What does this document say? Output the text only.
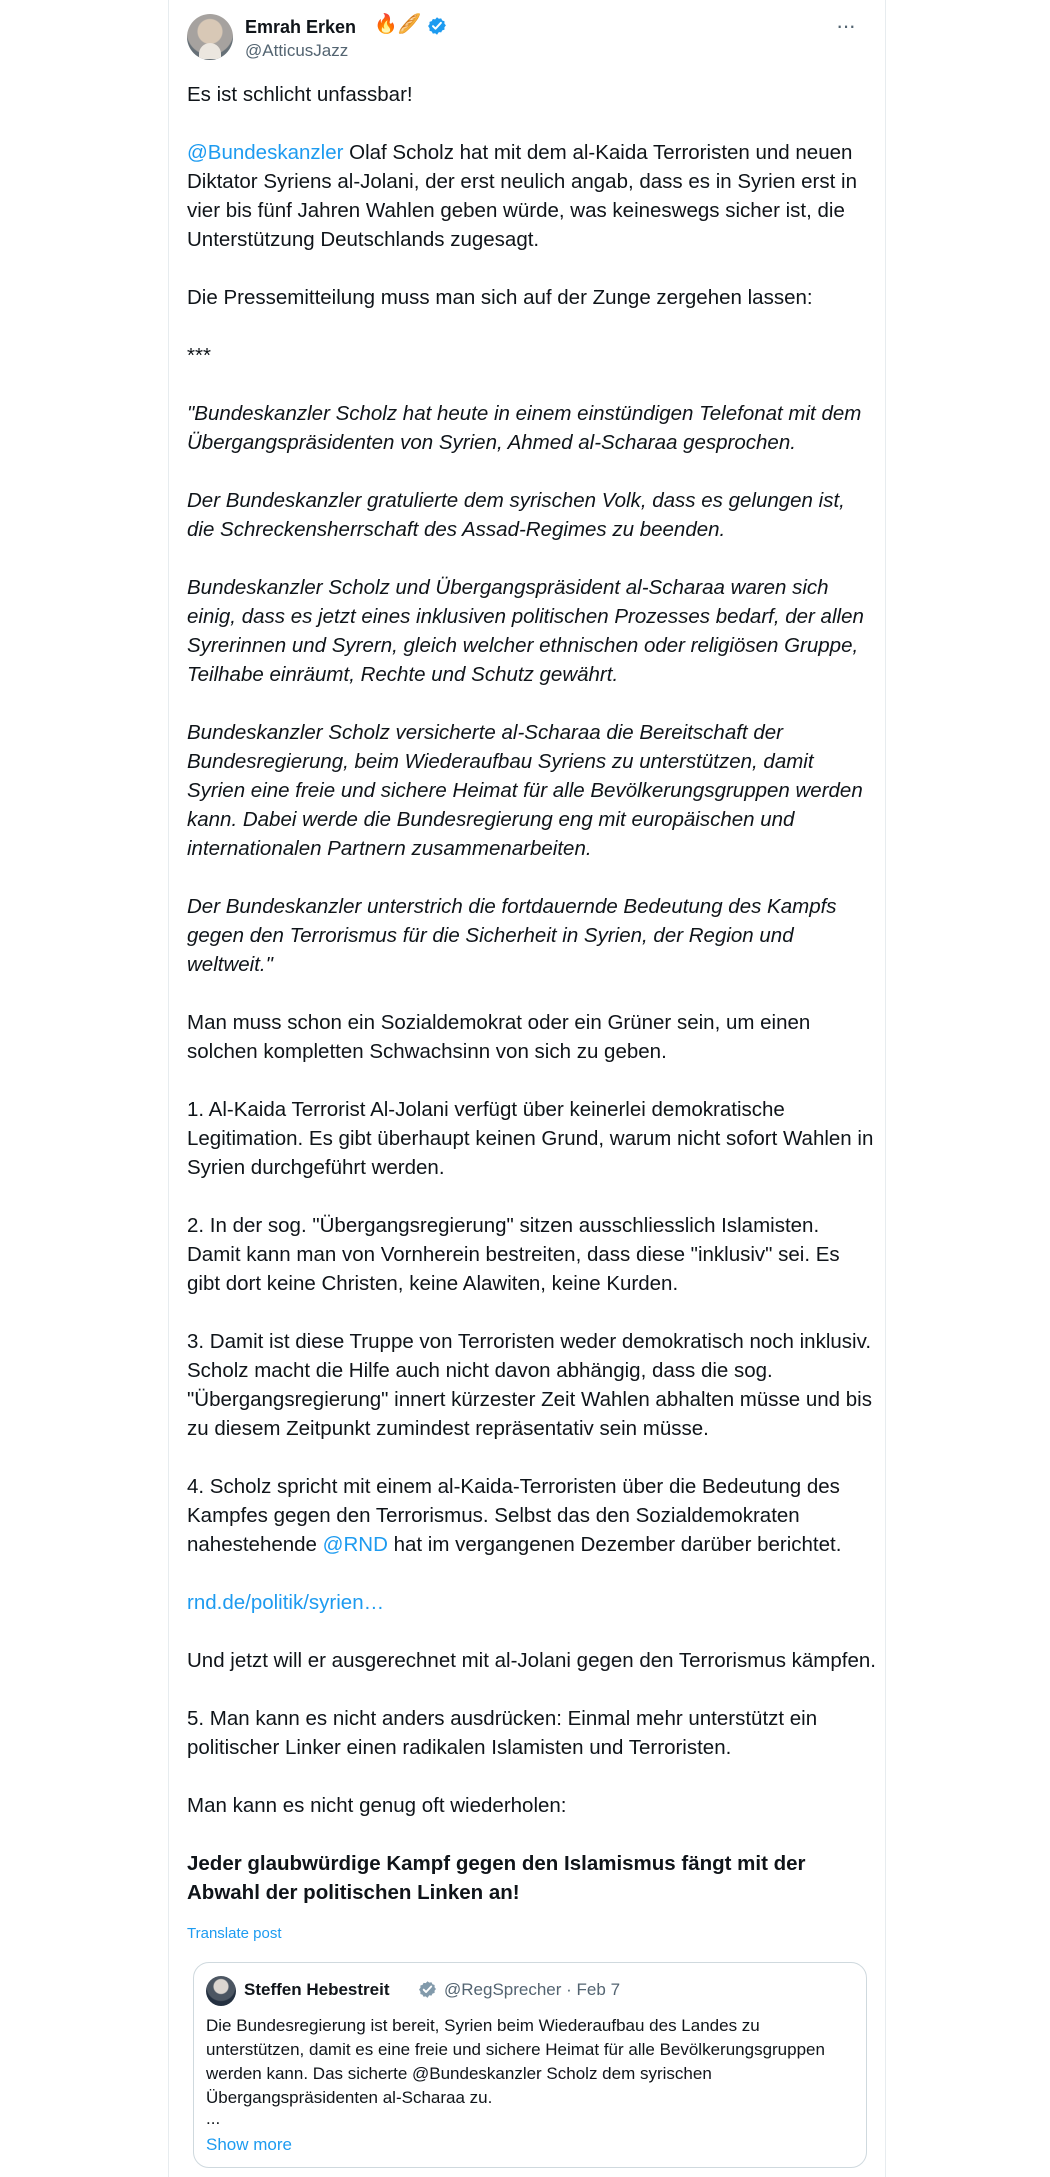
Emrah Erken 🔥🥖
@AtticusJazz
···

Es ist schlicht unfassbar!

@Bundeskanzler Olaf Scholz hat mit dem al-Kaida Terroristen und neuen Diktator Syriens al-Jolani, der erst neulich angab, dass es in Syrien erst in vier bis fünf Jahren Wahlen geben würde, was keineswegs sicher ist, die Unterstützung Deutschlands zugesagt.

Die Pressemitteilung muss man sich auf der Zunge zergehen lassen:

***

"Bundeskanzler Scholz hat heute in einem einstündigen Telefonat mit dem Übergangspräsidenten von Syrien, Ahmed al-Scharaa gesprochen.

Der Bundeskanzler gratulierte dem syrischen Volk, dass es gelungen ist, die Schreckensherrschaft des Assad-Regimes zu beenden.

Bundeskanzler Scholz und Übergangspräsident al-Scharaa waren sich einig, dass es jetzt eines inklusiven politischen Prozesses bedarf, der allen Syrerinnen und Syrern, gleich welcher ethnischen oder religiösen Gruppe, Teilhabe einräumt, Rechte und Schutz gewährt.

Bundeskanzler Scholz versicherte al-Scharaa die Bereitschaft der Bundesregierung, beim Wiederaufbau Syriens zu unterstützen, damit Syrien eine freie und sichere Heimat für alle Bevölkerungsgruppen werden kann. Dabei werde die Bundesregierung eng mit europäischen und internationalen Partnern zusammenarbeiten.

Der Bundeskanzler unterstrich die fortdauernde Bedeutung des Kampfs gegen den Terrorismus für die Sicherheit in Syrien, der Region und weltweit."

Man muss schon ein Sozialdemokrat oder ein Grüner sein, um einen solchen kompletten Schwachsinn von sich zu geben.

1. Al-Kaida Terrorist Al-Jolani verfügt über keinerlei demokratische Legitimation. Es gibt überhaupt keinen Grund, warum nicht sofort Wahlen in Syrien durchgeführt werden.

2. In der sog. "Übergangsregierung" sitzen ausschliesslich Islamisten. Damit kann man von Vornherein bestreiten, dass diese "inklusiv" sei. Es gibt dort keine Christen, keine Alawiten, keine Kurden.

3. Damit ist diese Truppe von Terroristen weder demokratisch noch inklusiv. Scholz macht die Hilfe auch nicht davon abhängig, dass die sog. "Übergangsregierung" innert kürzester Zeit Wahlen abhalten müsse und bis zu diesem Zeitpunkt zumindest repräsentativ sein müsse.

4. Scholz spricht mit einem al-Kaida-Terroristen über die Bedeutung des Kampfes gegen den Terrorismus. Selbst das den Sozialdemokraten nahestehende @RND hat im vergangenen Dezember darüber berichtet.

rnd.de/politik/syrien…

Und jetzt will er ausgerechnet mit al-Jolani gegen den Terrorismus kämpfen.

5. Man kann es nicht anders ausdrücken: Einmal mehr unterstützt ein politischer Linker einen radikalen Islamisten und Terroristen.

Man kann es nicht genug oft wiederholen:

Jeder glaubwürdige Kampf gegen den Islamismus fängt mit der Abwahl der politischen Linken an!

Translate post
Steffen Hebestreit	@RegSprecher · Feb 7
Die Bundesregierung ist bereit, Syrien beim Wiederaufbau des Landes zu unterstützen, damit es eine freie und sichere Heimat für alle Bevölkerungsgruppen werden kann. Das sicherte @Bundeskanzler Scholz dem syrischen Übergangspräsidenten al-Scharaa zu.
...
Show more
